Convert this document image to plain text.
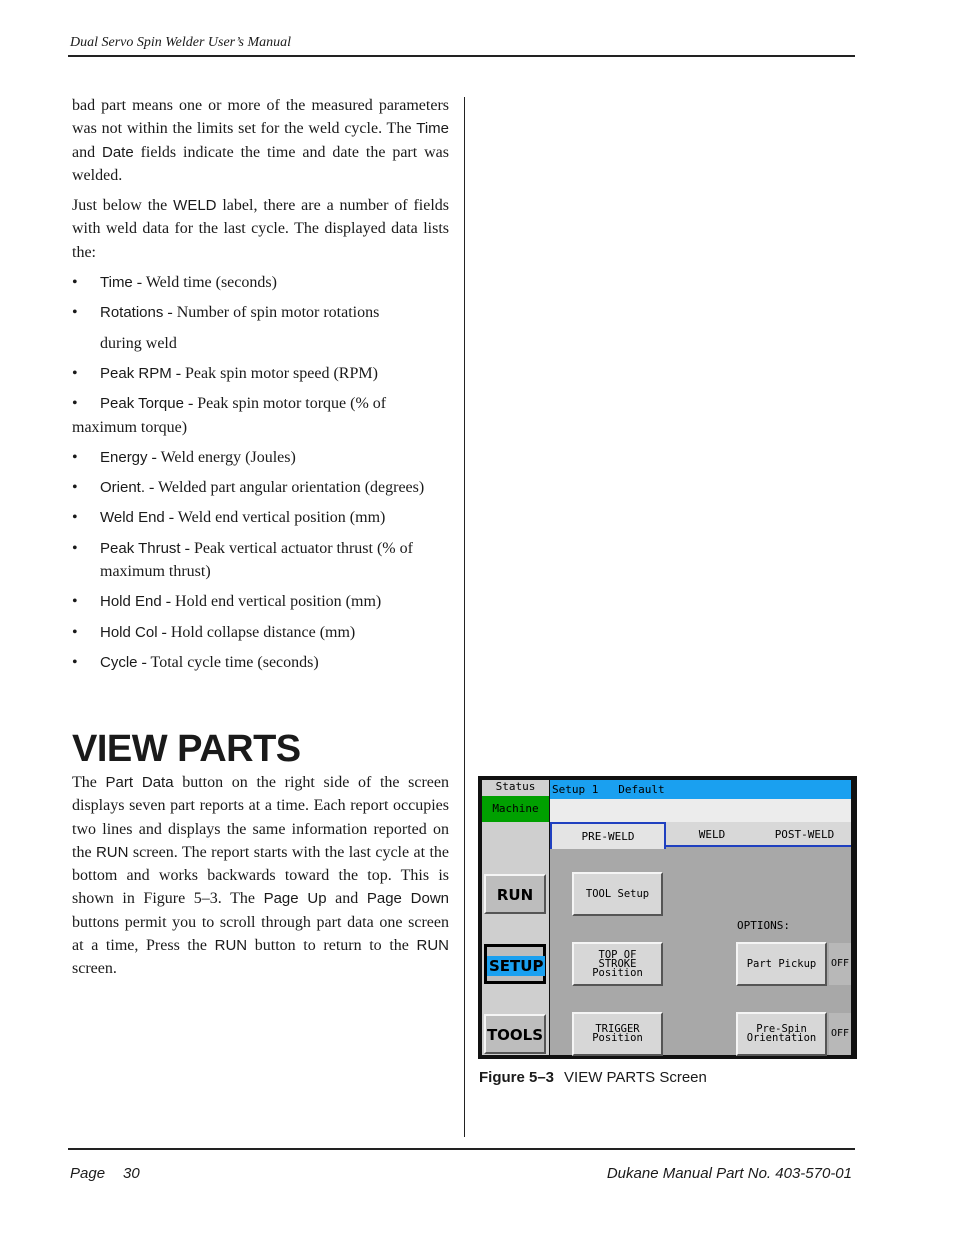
Dual Servo Spin Welder User’s Manual

bad part means one or more of the measured parameters was not within the limits set for the weld cycle. The Time and Date fields indicate the time and date the part was welded.

Just below the WELD label, there are a number of fields with weld data for the last cycle. The displayed data lists the:

•	Time - Weld time (seconds)
•	Rotations - Number of spin motor rotations
during weld
•	Peak RPM - Peak spin motor speed (RPM)
•	Peak Torque - Peak spin motor torque (% of maximum torque)
•	Energy - Weld energy (Joules)
•	Orient. - Welded part angular orientation (degrees)
•	Weld End - Weld end vertical position (mm)
•	Peak Thrust - Peak vertical actuator thrust (% of maximum thrust)
•	Hold End - Hold end vertical position (mm)
•	Hold Col - Hold collapse distance (mm)
•	Cycle - Total cycle time (seconds)
VIEW PARTS

The Part Data button on the right side of the screen displays seven part reports at a time. Each report occupies two lines and displays the same information reported on the RUN screen. The report starts with the last cycle at the bottom and works backwards toward the top. This is shown in Figure 5–3. The Page Up and Page Down buttons permit you to scroll through part data one screen at a time, Press the RUN button to return to the RUN screen.

Status
Machine
Setup 1   Default
PRE-WELD	WELD	POST-WELD
RUN
SETUP
TOOLS
TOOL Setup
TOP OF
STROKE
Position
TRIGGER
Position
OPTIONS:
Part Pickup	OFF
Pre-Spin
Orientation OFF
Figure 5–3 VIEW PARTS Screen
Page 30	Dukane Manual Part No. 403-570-01
